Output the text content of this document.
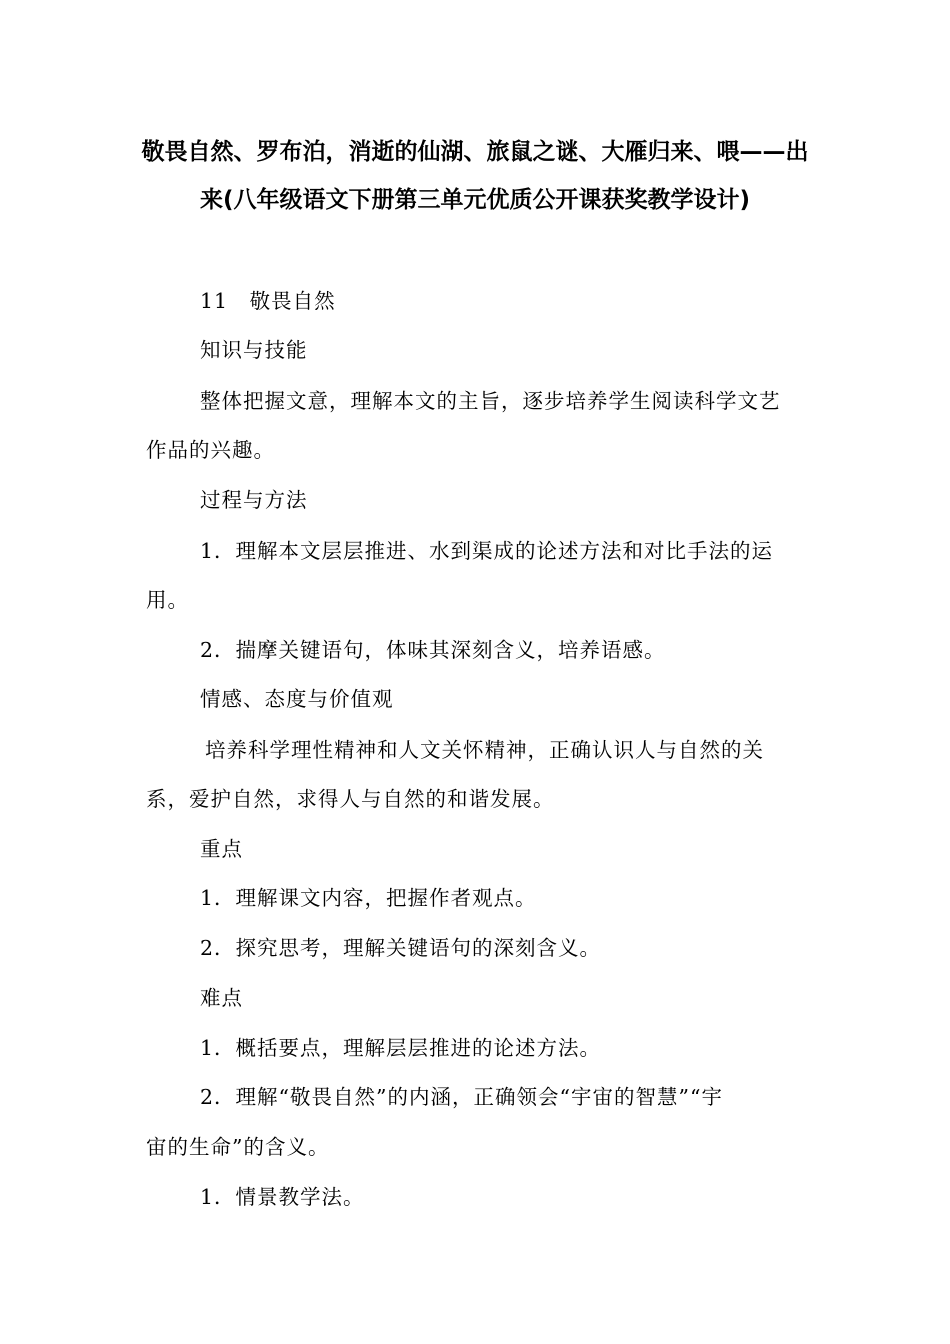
敬畏自然、罗布泊，消逝的仙湖、旅鼠之谜、大雁归来、喂——出
来(八年级语文下册第三单元优质公开课获奖教学设计)
11　敬畏自然
知识与技能
整体把握文意，理解本文的主旨，逐步培养学生阅读科学文艺
作品的兴趣。
过程与方法
1．理解本文层层推进、水到渠成的论述方法和对比手法的运
用。
2．揣摩关键语句，体味其深刻含义，培养语感。
情感、态度与价值观
培养科学理性精神和人文关怀精神，正确认识人与自然的关
系，爱护自然，求得人与自然的和谐发展。
重点
1．理解课文内容，把握作者观点。
2．探究思考，理解关键语句的深刻含义。
难点
1．概括要点，理解层层推进的论述方法。
2．理解“敬畏自然”的内涵，正确领会“宇宙的智慧”“宇
宙的生命”的含义。
1．情景教学法。
